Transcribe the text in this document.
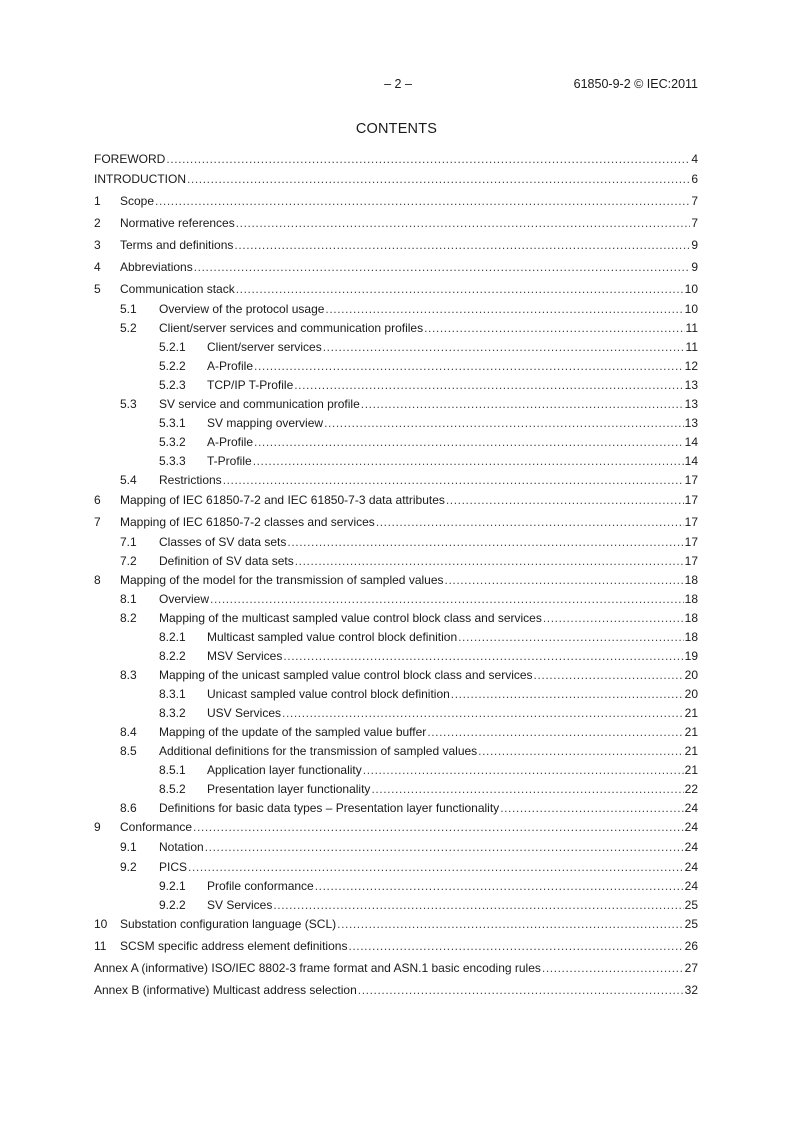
– 2 –	61850-9-2 © IEC:2011
CONTENTS
FOREWORD .....	4
INTRODUCTION .....	6
1	Scope .....	7
2	Normative references .....	7
3	Terms and definitions .....	9
4	Abbreviations .....	9
5	Communication stack .....	10
5.1	Overview of the protocol usage .....	10
5.2	Client/server services and communication profiles .....	11
5.2.1	Client/server services .....	11
5.2.2	A-Profile .....	12
5.2.3	TCP/IP T-Profile .....	13
5.3	SV service and communication profile .....	13
5.3.1	SV mapping overview .....	13
5.3.2	A-Profile .....	14
5.3.3	T-Profile .....	14
5.4	Restrictions .....	17
6	Mapping of IEC 61850-7-2 and IEC 61850-7-3 data attributes .....	17
7	Mapping of IEC 61850-7-2 classes and services .....	17
7.1	Classes of SV data sets .....	17
7.2	Definition of SV data sets .....	17
8	Mapping of the model for the transmission of sampled values .....	18
8.1	Overview .....	18
8.2	Mapping of the multicast sampled value control block class and services .....	18
8.2.1	Multicast sampled value control block definition .....	18
8.2.2	MSV Services .....	19
8.3	Mapping of the unicast sampled value control block class and services .....	20
8.3.1	Unicast sampled value control block definition .....	20
8.3.2	USV Services .....	21
8.4	Mapping of the update of the sampled value buffer .....	21
8.5	Additional definitions for the transmission of sampled values .....	21
8.5.1	Application layer functionality .....	21
8.5.2	Presentation layer functionality .....	22
8.6	Definitions for basic data types – Presentation layer functionality .....	24
9	Conformance .....	24
9.1	Notation .....	24
9.2	PICS .....	24
9.2.1	Profile conformance .....	24
9.2.2	SV Services .....	25
10	Substation configuration language (SCL) .....	25
11	SCSM specific address element definitions .....	26
Annex A (informative) ISO/IEC 8802-3 frame format and ASN.1 basic encoding rules .....	27
Annex B (informative) Multicast address selection .....	32
